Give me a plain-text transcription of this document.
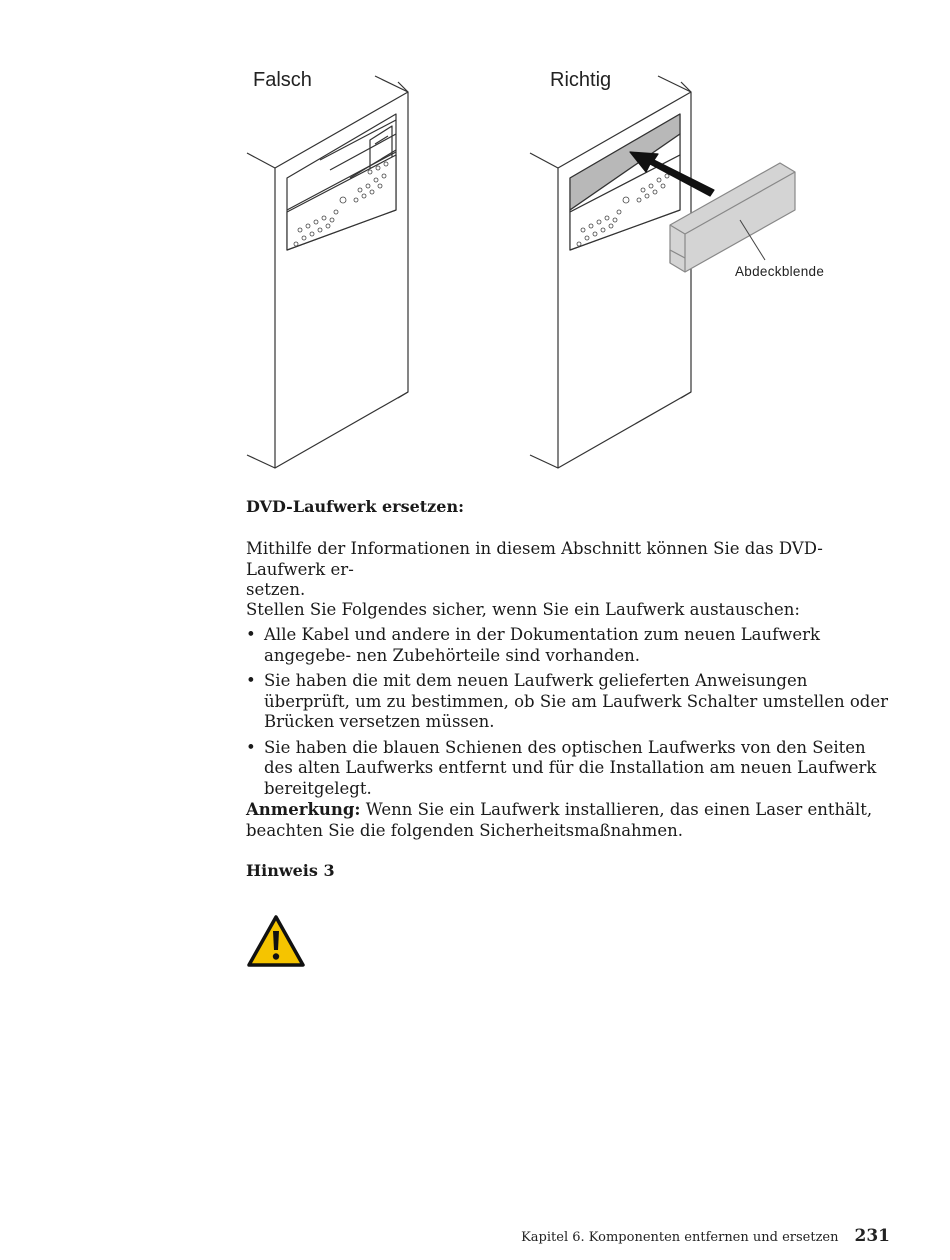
Falsch	Richtig
Abdeckblende
DVD-Laufwerk ersetzen:
Mithilfe der Informationen in diesem Abschnitt können Sie das DVD-Laufwerk er-
setzen.
Stellen Sie Folgendes sicher, wenn Sie ein Laufwerk austauschen:
• Alle Kabel und andere in der Dokumentation zum neuen Laufwerk angegebe- nen Zubehörteile sind vorhanden.
• Sie haben die mit dem neuen Laufwerk gelieferten Anweisungen überprüft, um zu bestimmen, ob Sie am Laufwerk Schalter umstellen oder Brücken versetzen müssen.
• Sie haben die blauen Schienen des optischen Laufwerks von den Seiten des alten Laufwerks entfernt und für die Installation am neuen Laufwerk bereitgelegt.
Anmerkung: Wenn Sie ein Laufwerk installieren, das einen Laser enthält, beachten Sie die folgenden Sicherheitsmaßnahmen.
Hinweis 3
Kapitel 6. Komponenten entfernen und ersetzen 231
